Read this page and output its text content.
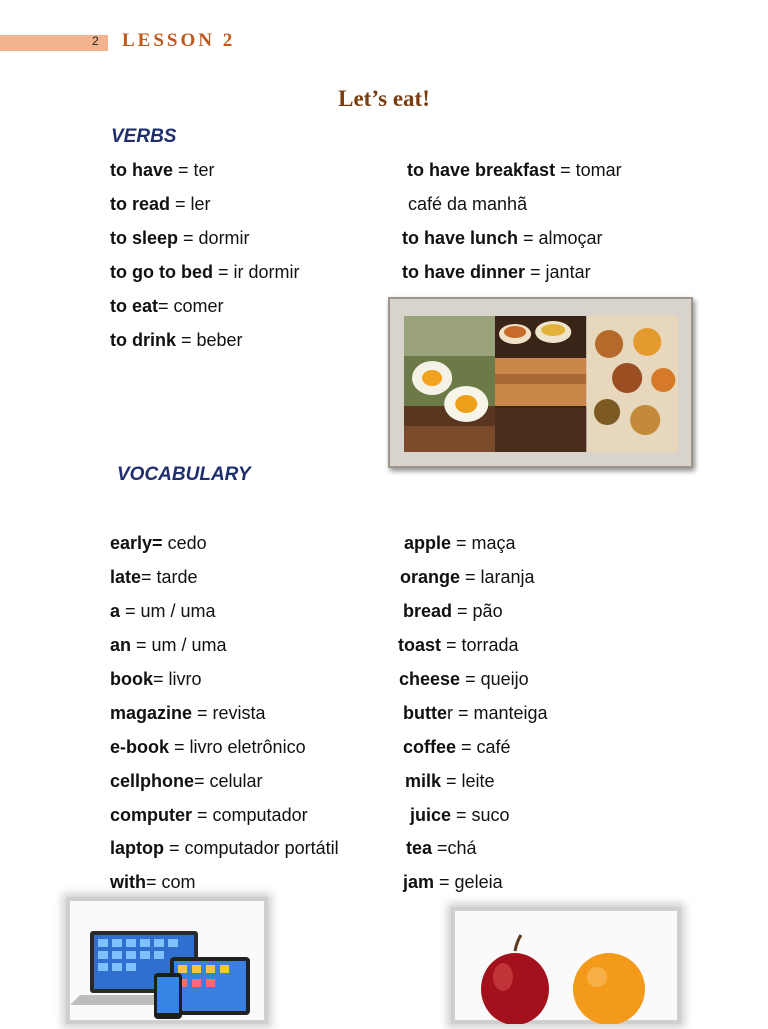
2 LESSON 2
Let’s eat!
VERBS
to have = ter
to read = ler
to sleep = dormir
to go to bed = ir dormir
to eat= comer
to drink = beber
to have breakfast = tomar
café da manhã
to have lunch = almoçar
to have dinner = jantar
VOCABULARY
early= cedo
late= tarde
a = um / uma
an = um / uma
book= livro
magazine = revista
e-book = livro eletrônico
cellphone= celular
computer = computador
laptop = computador portátil
with= com
apple = maça
orange = laranja
bread = pão
toast = torrada
cheese = queijo
butter = manteiga
coffee = café
milk = leite
juice = suco
tea =chá
jam = geleia
